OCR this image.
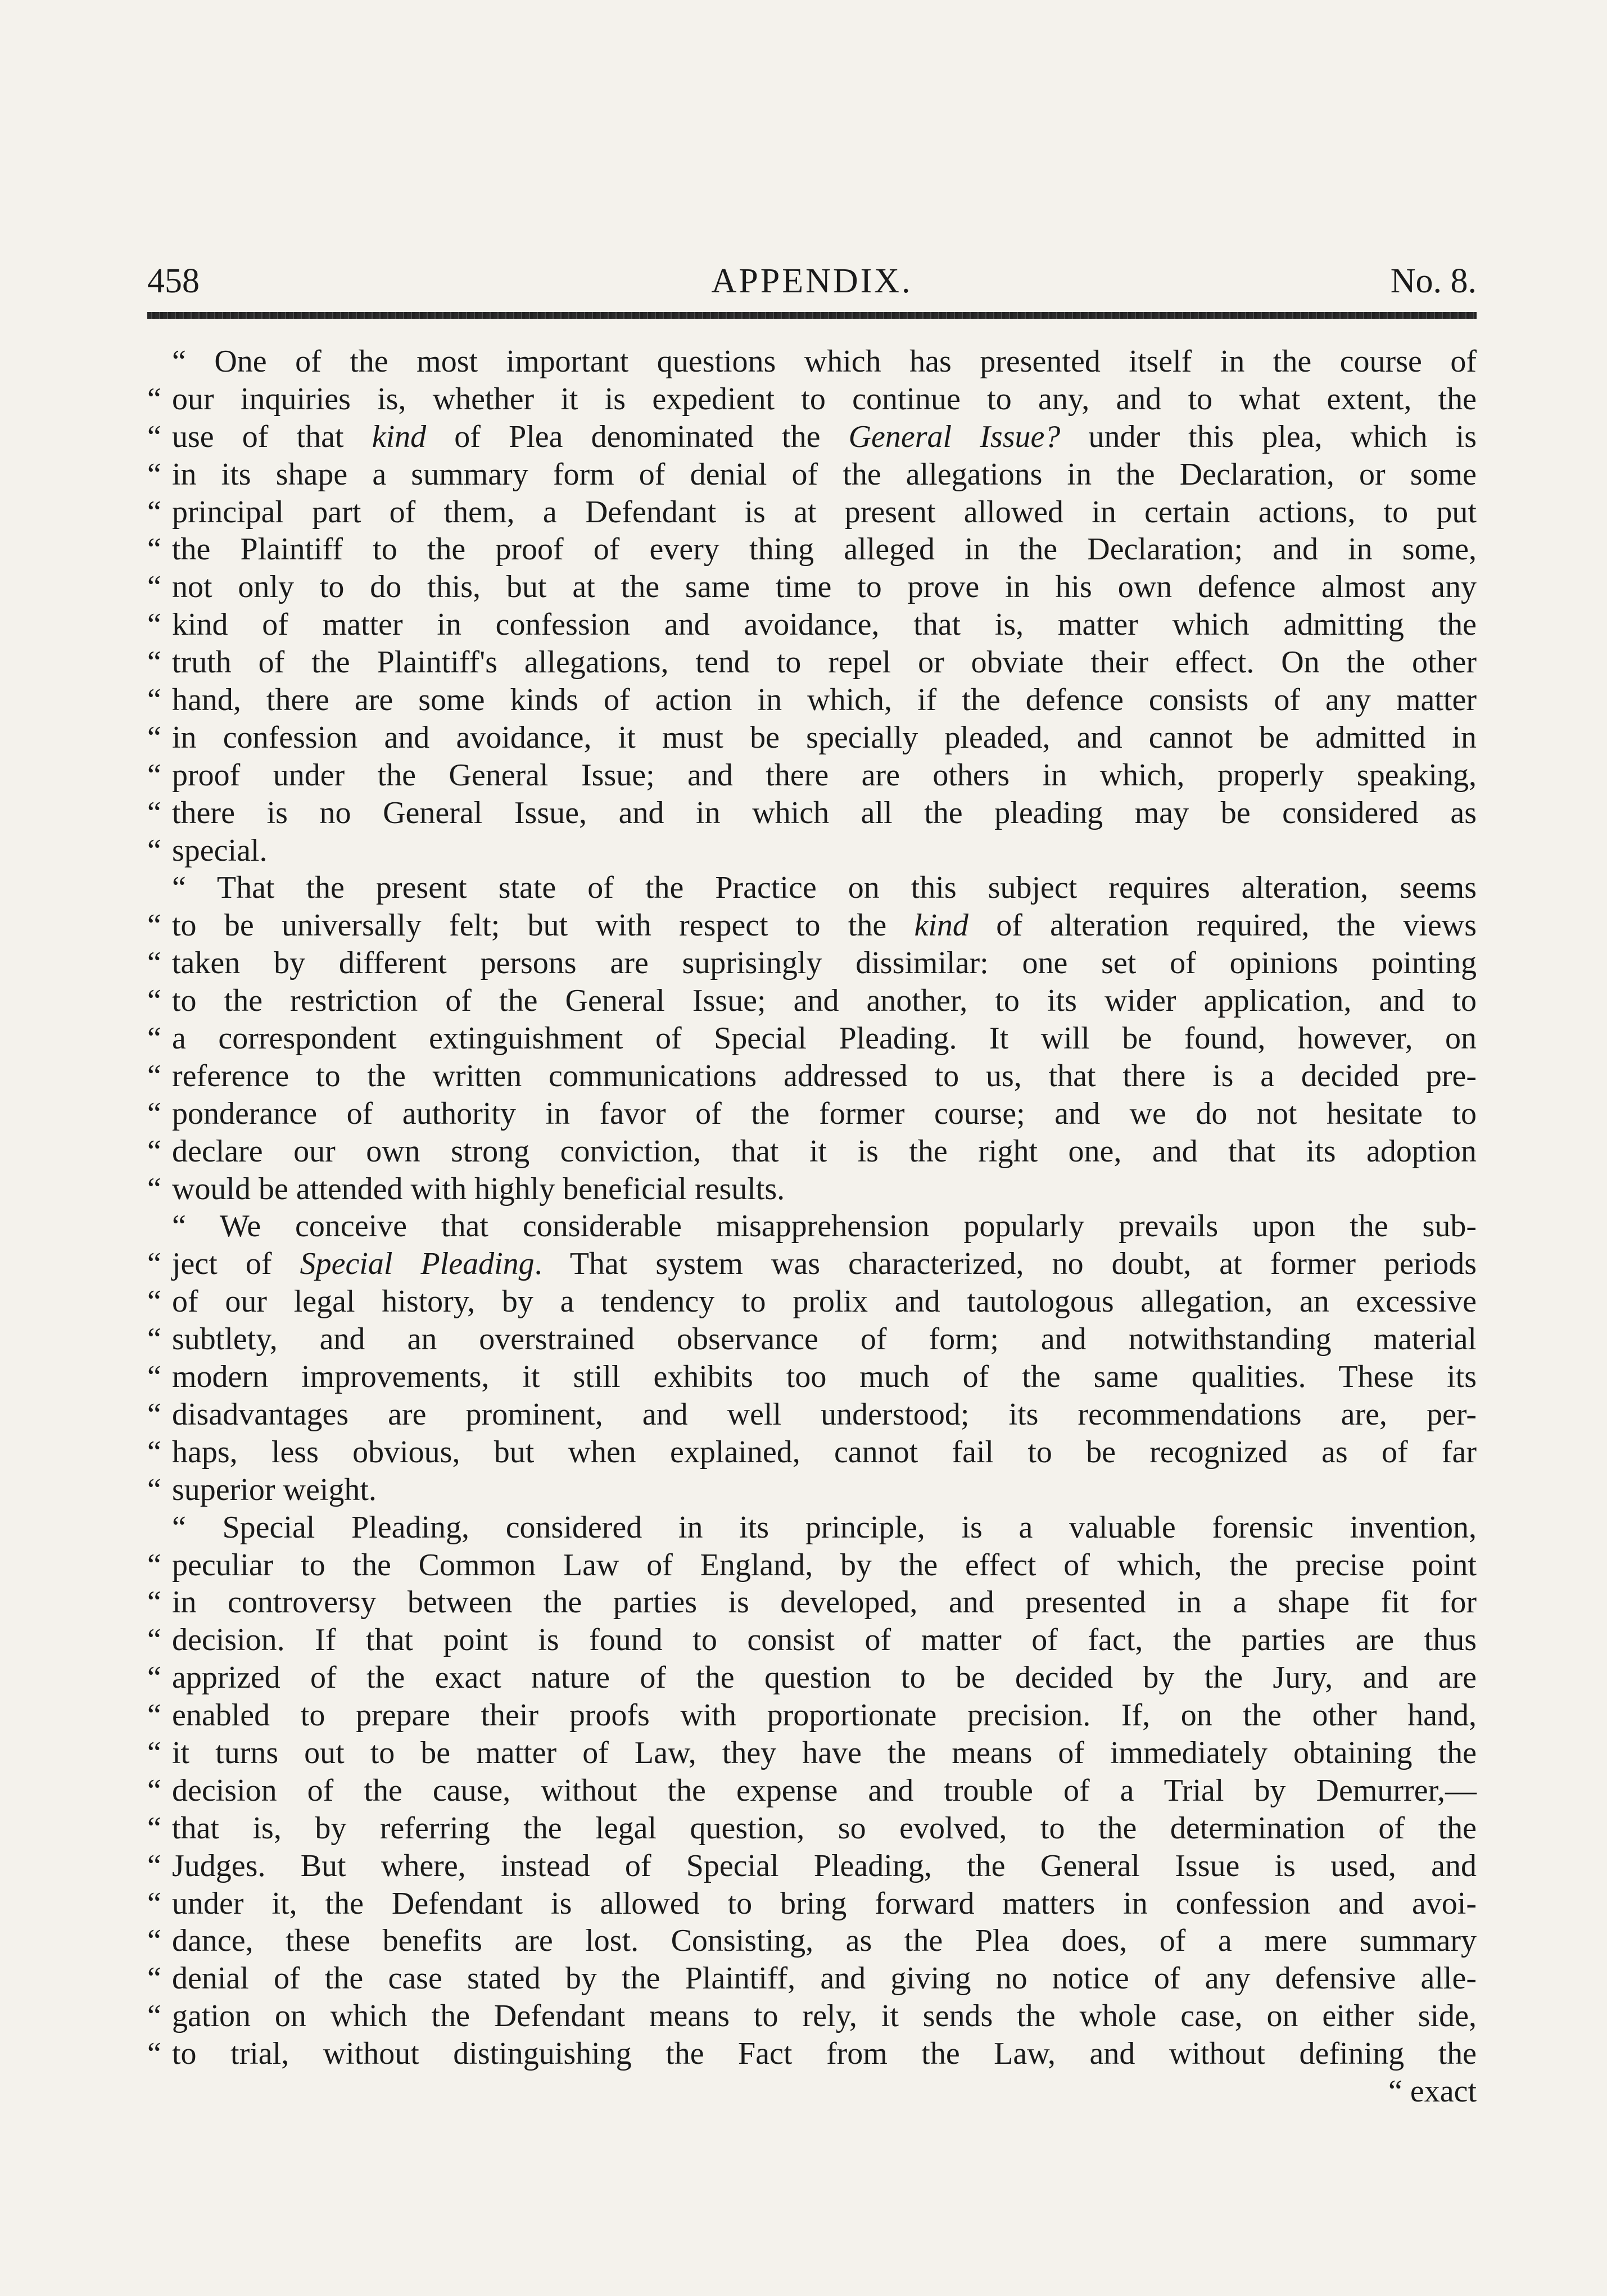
458	APPENDIX.	No. 8.
“ One of the most important questions which has presented itself in the course of
“ our inquiries is, whether it is expedient to continue to any, and to what extent, the
“ use of that kind of Plea denominated the General Issue? under this plea, which is
“ in its shape a summary form of denial of the allegations in the Declaration, or some
“ principal part of them, a Defendant is at present allowed in certain actions, to put
“ the Plaintiff to the proof of every thing alleged in the Declaration; and in some,
“ not only to do this, but at the same time to prove in his own defence almost any
“ kind of matter in confession and avoidance, that is, matter which admitting the
“ truth of the Plaintiff's allegations, tend to repel or obviate their effect. On the other
“ hand, there are some kinds of action in which, if the defence consists of any matter
“ in confession and avoidance, it must be specially pleaded, and cannot be admitted in
“ proof under the General Issue; and there are others in which, properly speaking,
“ there is no General Issue, and in which all the pleading may be considered as
“ special.
“ That the present state of the Practice on this subject requires alteration, seems
“ to be universally felt; but with respect to the kind of alteration required, the views
“ taken by different persons are suprisingly dissimilar: one set of opinions pointing
“ to the restriction of the General Issue; and another, to its wider application, and to
“ a correspondent extinguishment of Special Pleading. It will be found, however, on
“ reference to the written communications addressed to us, that there is a decided pre-
“ ponderance of authority in favor of the former course; and we do not hesitate to
“ declare our own strong conviction, that it is the right one, and that its adoption
“ would be attended with highly beneficial results.
“ We conceive that considerable misapprehension popularly prevails upon the sub-
“ ject of Special Pleading. That system was characterized, no doubt, at former periods
“ of our legal history, by a tendency to prolix and tautologous allegation, an excessive
“ subtlety, and an overstrained observance of form; and notwithstanding material
“ modern improvements, it still exhibits too much of the same qualities. These its
“ disadvantages are prominent, and well understood; its recommendations are, per-
“ haps, less obvious, but when explained, cannot fail to be recognized as of far
“ superior weight.
“ Special Pleading, considered in its principle, is a valuable forensic invention,
“ peculiar to the Common Law of England, by the effect of which, the precise point
“ in controversy between the parties is developed, and presented in a shape fit for
“ decision. If that point is found to consist of matter of fact, the parties are thus
“ apprized of the exact nature of the question to be decided by the Jury, and are
“ enabled to prepare their proofs with proportionate precision. If, on the other hand,
“ it turns out to be matter of Law, they have the means of immediately obtaining the
“ decision of the cause, without the expense and trouble of a Trial by Demurrer,—
“ that is, by referring the legal question, so evolved, to the determination of the
“ Judges. But where, instead of Special Pleading, the General Issue is used, and
“ under it, the Defendant is allowed to bring forward matters in confession and avoi-
“ dance, these benefits are lost. Consisting, as the Plea does, of a mere summary
“ denial of the case stated by the Plaintiff, and giving no notice of any defensive alle-
“ gation on which the Defendant means to rely, it sends the whole case, on either side,
“ to trial, without distinguishing the Fact from the Law, and without defining the
“ exact
